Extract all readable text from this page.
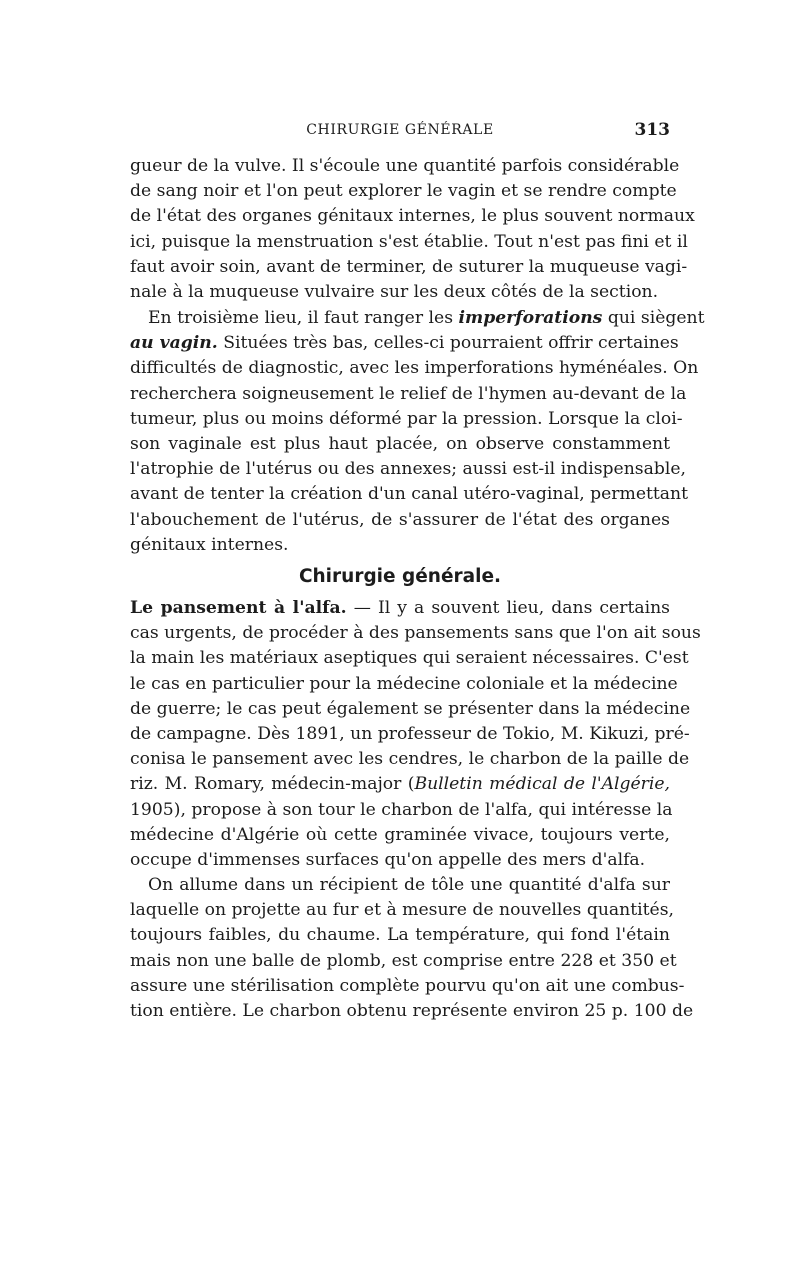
CHIRURGIE GÉNÉRALE	313

gueur de la vulve. Il s'écoule une quantité parfois considérable
de sang noir et l'on peut explorer le vagin et se rendre compte
de l'état des organes génitaux internes, le plus souvent normaux
ici, puisque la menstruation s'est établie. Tout n'est pas fini et il
faut avoir soin, avant de terminer, de suturer la muqueuse vagi-
nale à la muqueuse vulvaire sur les deux côtés de la section.

En troisième lieu, il faut ranger les imperforations qui siègent
au vagin. Situées très bas, celles-ci pourraient offrir certaines
difficultés de diagnostic, avec les imperforations hyménéales. On
recherchera soigneusement le relief de l'hymen au-devant de la
tumeur, plus ou moins déformé par la pression. Lorsque la cloi-
son vaginale est plus haut placée, on observe constamment
l'atrophie de l'utérus ou des annexes; aussi est-il indispensable,
avant de tenter la création d'un canal utéro-vaginal, permettant
l'abouchement de l'utérus, de s'assurer de l'état des organes
génitaux internes.

Chirurgie générale.

Le pansement à l'alfa. — Il y a souvent lieu, dans certains
cas urgents, de procéder à des pansements sans que l'on ait sous
la main les matériaux aseptiques qui seraient nécessaires. C'est
le cas en particulier pour la médecine coloniale et la médecine
de guerre; le cas peut également se présenter dans la médecine
de campagne. Dès 1891, un professeur de Tokio, M. Kikuzi, pré-
conisa le pansement avec les cendres, le charbon de la paille de
riz. M. Romary, médecin-major (Bulletin médical de l'Algérie,
1905), propose à son tour le charbon de l'alfa, qui intéresse la
médecine d'Algérie où cette graminée vivace, toujours verte,
occupe d'immenses surfaces qu'on appelle des mers d'alfa.

On allume dans un récipient de tôle une quantité d'alfa sur
laquelle on projette au fur et à mesure de nouvelles quantités,
toujours faibles, du chaume. La température, qui fond l'étain
mais non une balle de plomb, est comprise entre 228 et 350 et
assure une stérilisation complète pourvu qu'on ait une combus-
tion entière. Le charbon obtenu représente environ 25 p. 100 de
